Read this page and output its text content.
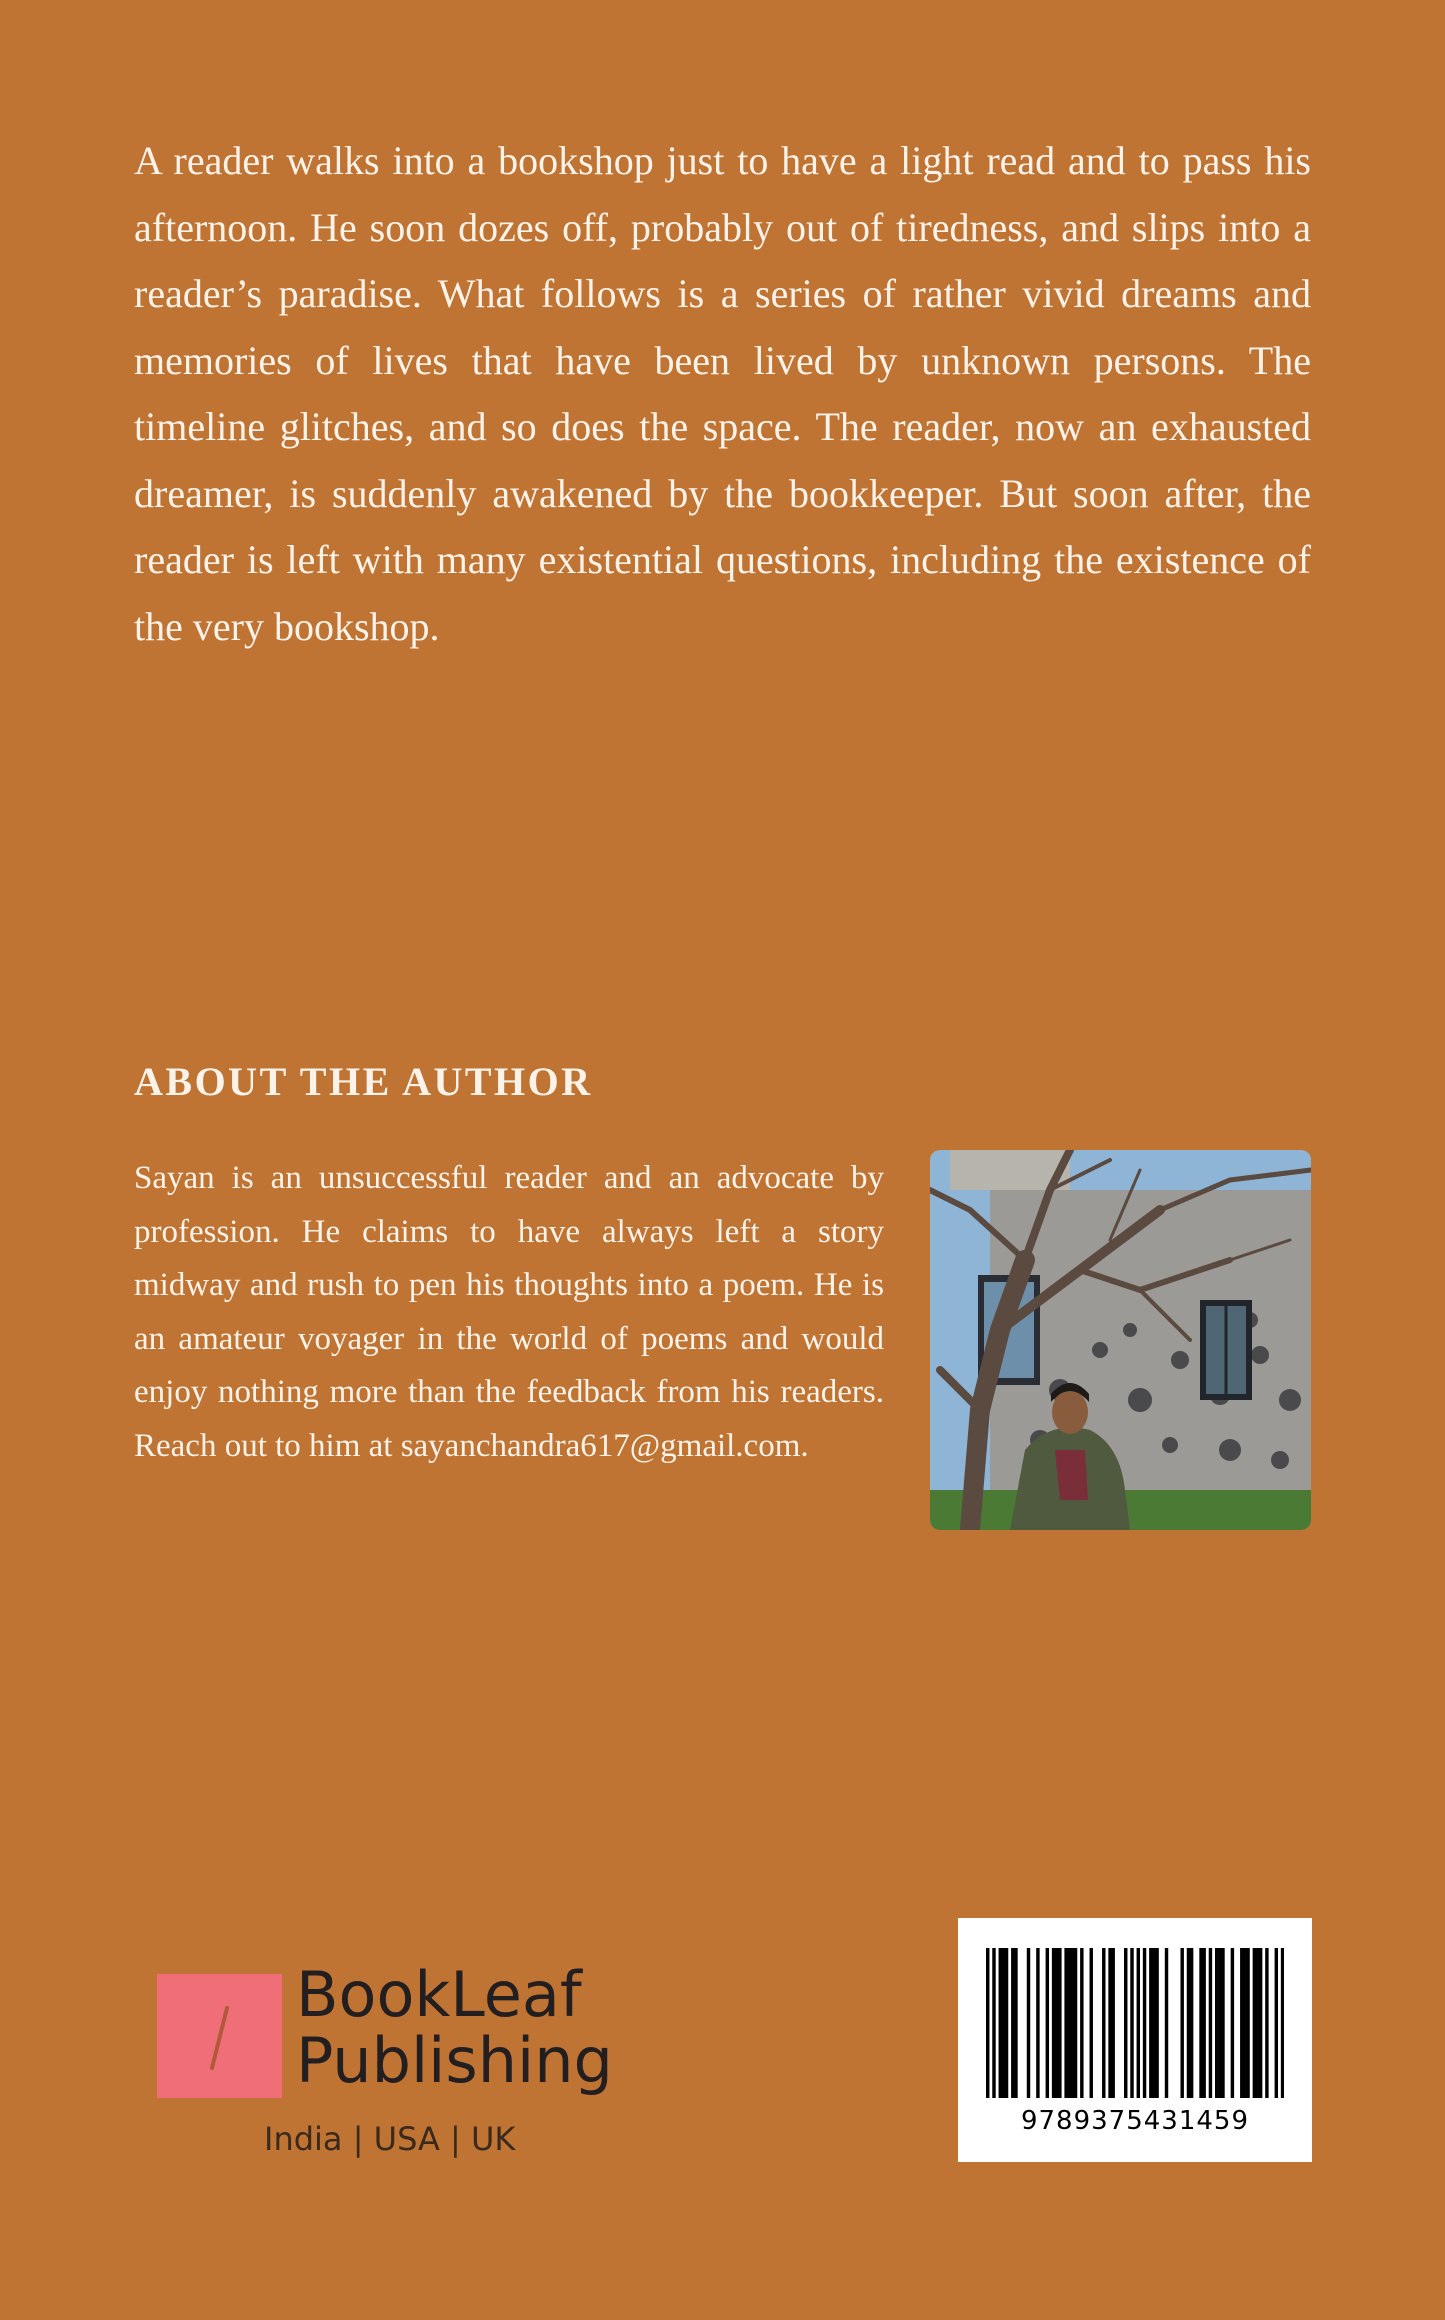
A reader walks into a bookshop just to have a light read and to pass his afternoon. He soon dozes off, probably out of tiredness, and slips into a reader’s paradise. What follows is a series of rather vivid dreams and memories of lives that have been lived by unknown persons. The timeline glitches, and so does the space. The reader, now an exhausted dreamer, is suddenly awakened by the bookkeeper. But soon after, the reader is left with many existential questions, including the existence of the very bookshop.

ABOUT THE AUTHOR

Sayan is an unsuccessful reader and an advocate by profession. He claims to have always left a story midway and rush to pen his thoughts into a poem. He is an amateur voyager in the world of poems and would enjoy nothing more than the feedback from his readers. Reach out to him at sayanchandra617@gmail.com.

BookLeaf
Publishing
India | USA | UK	9789375431459
